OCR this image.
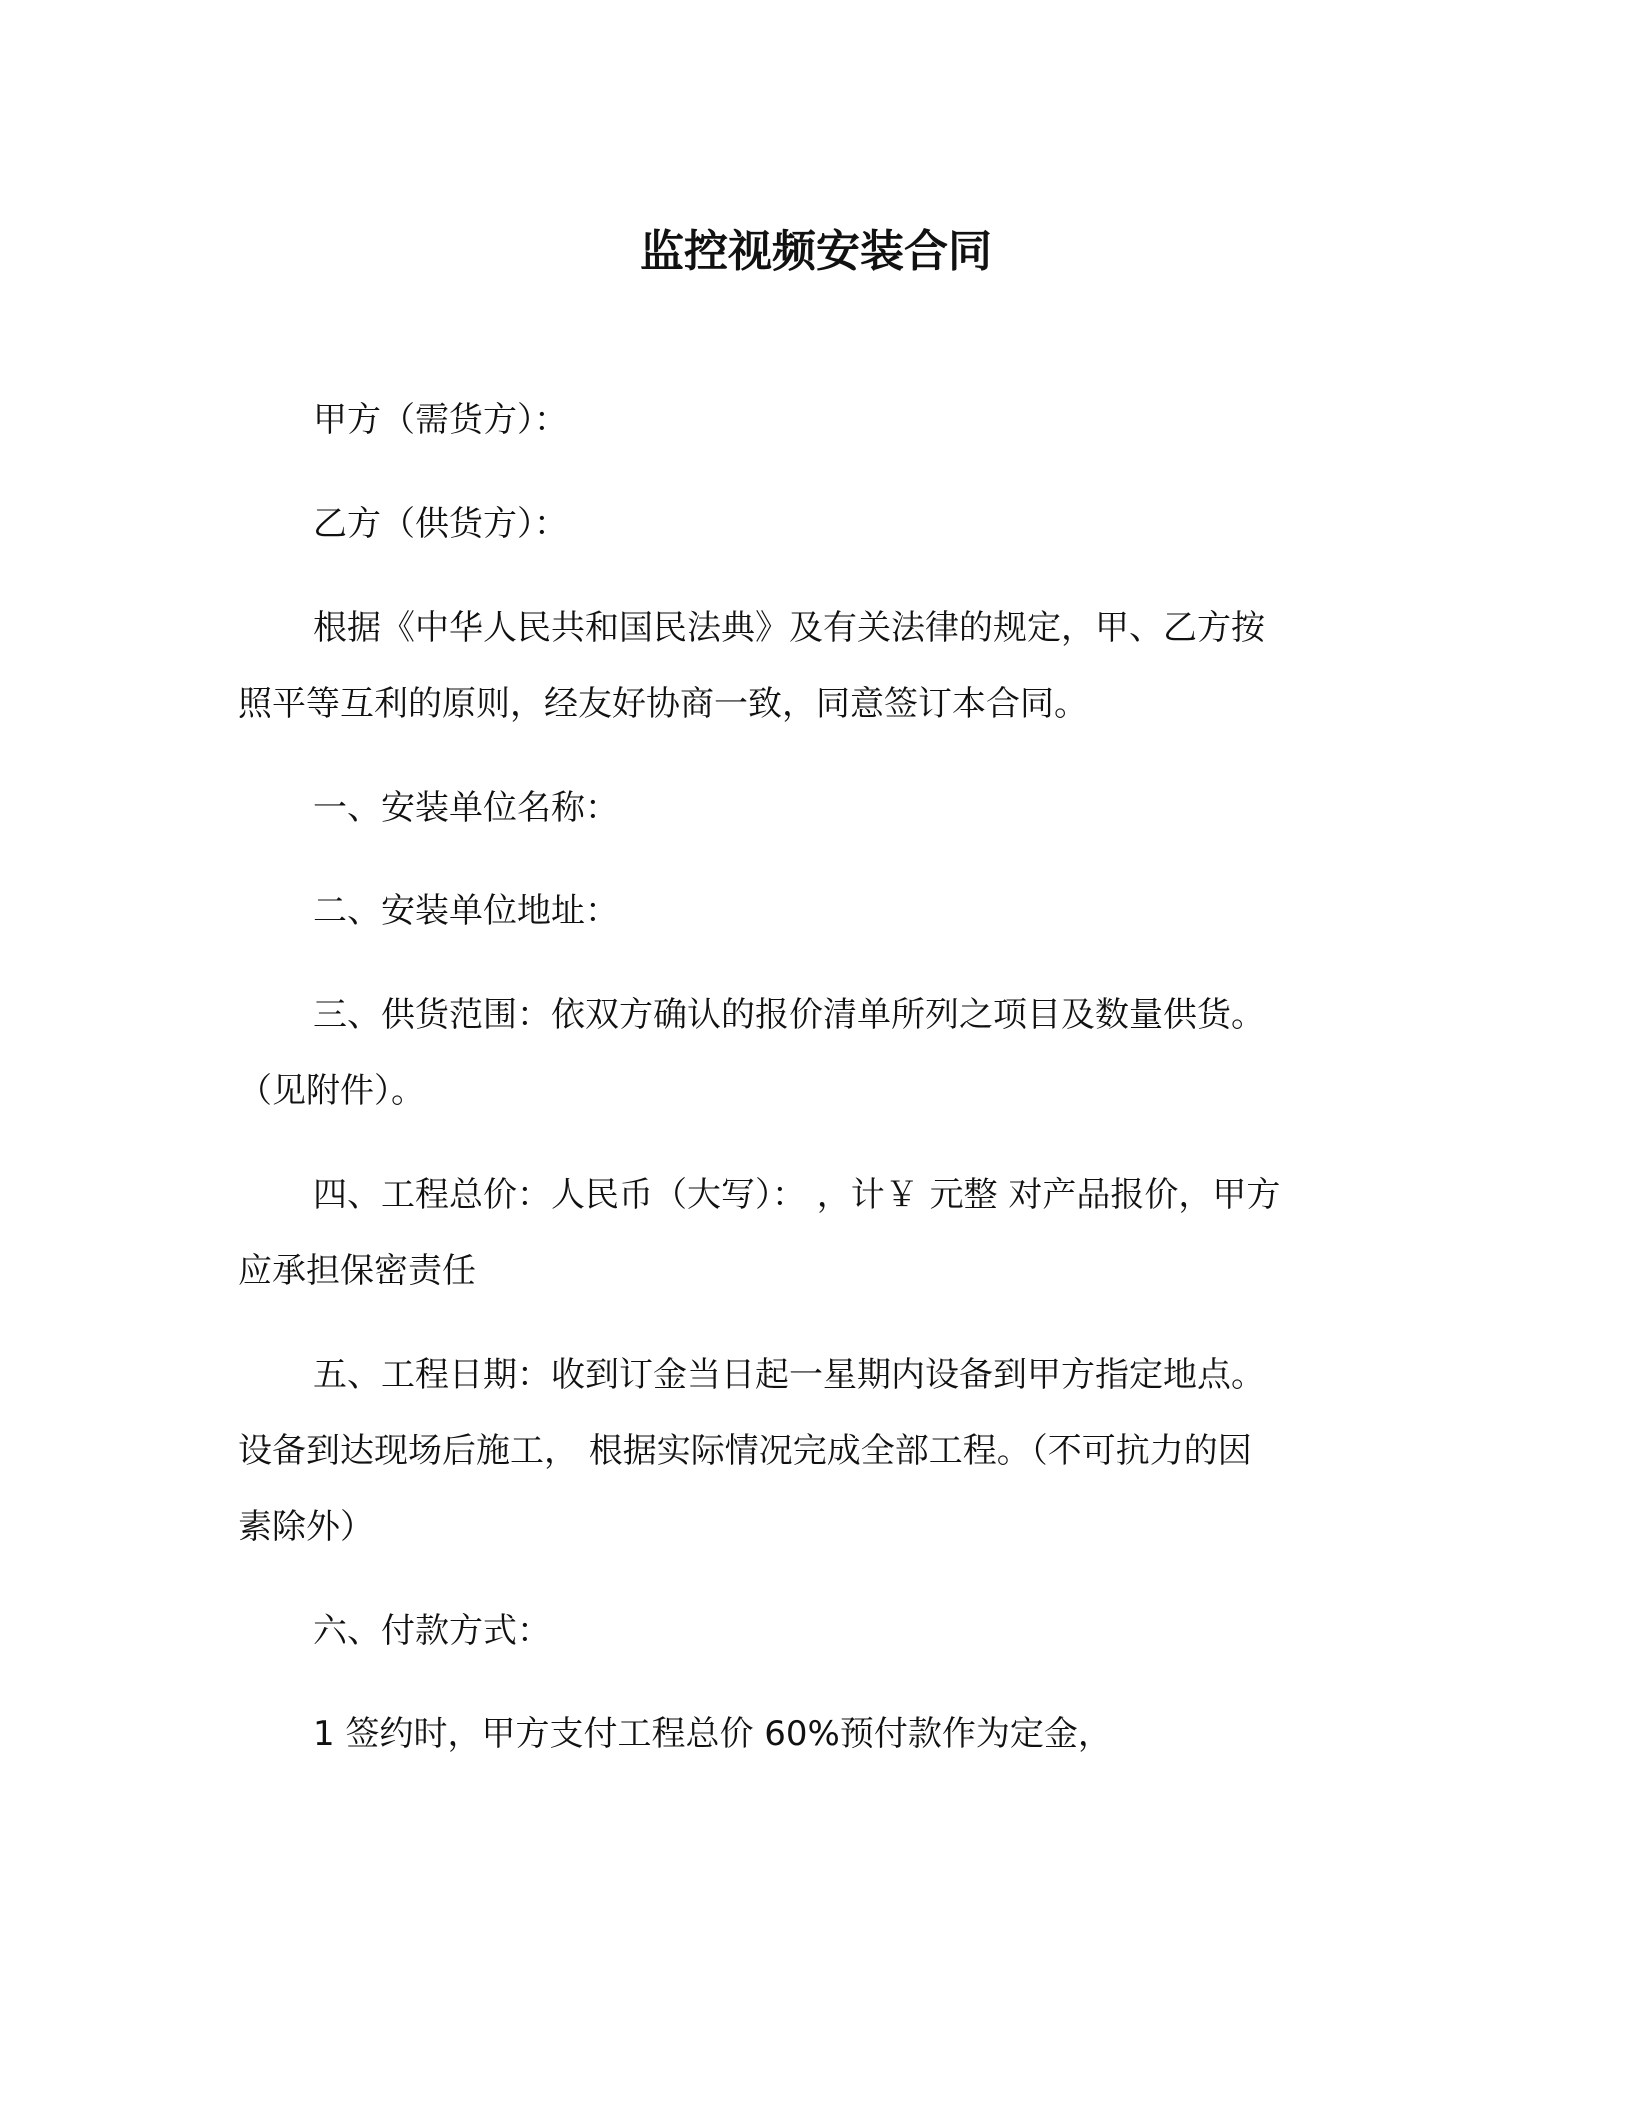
监控视频安装合同
甲方（需货方）：
乙方（供货方）：
根据《中华人民共和国民法典》及有关法律的规定，甲、乙方按
照平等互利的原则，经友好协商一致，同意签订本合同。
一、安装单位名称：
二、安装单位地址：
三、供货范围：依双方确认的报价清单所列之项目及数量供货。
（见附件）。
四、工程总价：人民币（大写）： ，计￥ 元整 对产品报价，甲方
应承担保密责任
五、工程日期：收到订金当日起一星期内设备到甲方指定地点。
设备到达现场后施工， 根据实际情况完成全部工程。（不可抗力的因
素除外）
六、付款方式：
1 签约时，甲方支付工程总价 60%预付款作为定金，
